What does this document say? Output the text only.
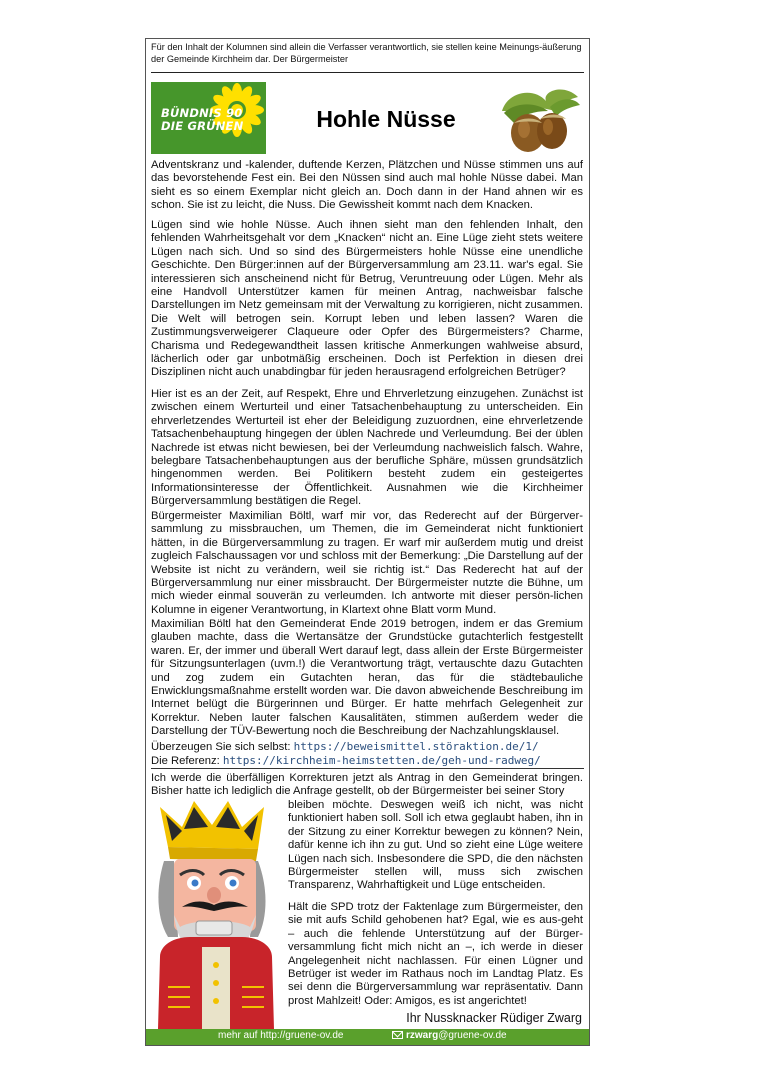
Für den Inhalt der Kolumnen sind allein die Verfasser verantwortlich, sie stellen keine Meinungs-äußerung der Gemeinde Kirchheim dar. Der Bürgermeister

BÜNDNIS 90
DIE GRÜNEN	Hohle Nüsse

Adventskranz und -kalender, duftende Kerzen, Plätzchen und Nüsse stimmen uns auf das bevorstehende Fest ein. Bei den Nüssen sind auch mal hohle Nüsse dabei. Man sieht es so einem Exemplar nicht gleich an. Doch dann in der Hand ahnen wir es schon. Sie ist zu leicht, die Nuss. Die Gewissheit kommt nach dem Knacken.

Lügen sind wie hohle Nüsse. Auch ihnen sieht man den fehlenden Inhalt, den fehlenden Wahrheitsgehalt vor dem „Knacken“ nicht an. Eine Lüge zieht stets weitere Lügen nach sich. Und so sind des Bürgermeisters hohle Nüsse eine unendliche Geschichte. Den Bürger:innen auf der Bürgerversammlung am 23.11. war's egal. Sie interessieren sich anscheinend nicht für Betrug, Veruntreuung oder Lügen. Mehr als eine Handvoll Unterstützer kamen für meinen Antrag, nachweisbar falsche Darstellungen im Netz gemeinsam mit der Verwaltung zu korrigieren, nicht zusammen. Die Welt will betrogen sein. Korrupt leben und leben lassen? Waren die Zustimmungsverweigerer Claqueure oder Opfer des Bürgermeisters? Charme, Charisma und Redegewandtheit lassen kritische Anmerkungen wahlweise absurd, lächerlich oder gar unbotmäßig erscheinen. Doch ist Perfektion in diesen drei Disziplinen nicht auch unabdingbar für jeden herausragend erfolgreichen Betrüger?

Hier ist es an der Zeit, auf Respekt, Ehre und Ehrverletzung einzugehen. Zunächst ist zwischen einem Werturteil und einer Tatsachenbehauptung zu unterscheiden. Ein ehrverletzendes Werturteil ist eher der Beleidigung zuzuordnen, eine ehrverletzende Tatsachenbehauptung hingegen der üblen Nachrede und Verleumdung. Bei der üblen Nachrede ist etwas nicht bewiesen, bei der Verleumdung nachweislich falsch. Wahre, belegbare Tatsachenbehauptungen aus der berufliche Sphäre, müssen grundsätzlich hingenommen werden. Bei Politikern besteht zudem ein gesteigertes Informationsinteresse der Öffentlichkeit. Ausnahmen wie die Kirchheimer Bürgerversammlung bestätigen die Regel.

Bürgermeister Maximilian Böltl, warf mir vor, das Rederecht auf der Bürgerver-sammlung zu missbrauchen, um Themen, die im Gemeinderat nicht funktioniert hätten, in die Bürgerversammlung zu tragen. Er warf mir außerdem mutig und dreist zugleich Falschaussagen vor und schloss mit der Bemerkung: „Die Darstellung auf der Website ist nicht zu verändern, weil sie richtig ist.“ Das Rederecht hat auf der Bürgerversammlung nur einer missbraucht. Der Bürgermeister nutzte die Bühne, um mich wieder einmal souverän zu verleumden. Ich antworte mit dieser persön-lichen Kolumne in eigener Verantwortung, in Klartext ohne Blatt vorm Mund.

Maximilian Böltl hat den Gemeinderat Ende 2019 betrogen, indem er das Gremium glauben machte, dass die Wertansätze der Grundstücke gutachterlich festgestellt waren. Er, der immer und überall Wert darauf legt, dass allein der Erste Bürgermeister für Sitzungsunterlagen (uvm.!) die Verantwortung trägt, vertauschte dazu Gutachten und zog zudem ein Gutachten heran, das für die städtebauliche Enwicklungsmaßnahme erstellt worden war. Die davon abweichende Beschreibung im Internet belügt die Bürgerinnen und Bürger. Er hatte mehrfach Gelegenheit zur Korrektur. Neben lauter falschen Kausalitäten, stimmen außerdem weder die Darstellung der TÜV-Bewertung noch die Beschreibung der Nachzahlungsklausel.

Überzeugen Sie sich selbst: https://beweismittel.störaktion.de/1/
Die Referenz: https://kirchheim-heimstetten.de/geh-und-radweg/

Ich werde die überfälligen Korrekturen jetzt als Antrag in den Gemeinderat bringen. Bisher hatte ich lediglich die Anfrage gestellt, ob der Bürgermeister bei seiner Story

bleiben möchte. Deswegen weiß ich nicht, was nicht funktioniert haben soll. Soll ich etwa geglaubt haben, ihn in der Sitzung zu einer Korrektur bewegen zu können? Nein, dafür kenne ich ihn zu gut. Und so zieht eine Lüge weitere Lügen nach sich. Insbesondere die SPD, die den nächsten Bürgermeister stellen will, muss sich zwischen Transparenz, Wahrhaftigkeit und Lüge entscheiden.

Hält die SPD trotz der Faktenlage zum Bürgermeister, den sie mit aufs Schild gehobenen hat? Egal, wie es aus-geht – auch die fehlende Unterstützung auf der Bürger-versammlung ficht mich nicht an –, ich werde in dieser Angelegenheit nicht nachlassen. Für einen Lügner und Betrüger ist weder im Rathaus noch im Landtag Platz. Es sei denn die Bürgerversammlung war repräsentativ. Dann prost Mahlzeit! Oder: Amigos, es ist angerichtet!

Ihr Nussknacker Rüdiger Zwarg

mehr auf http://gruene-ov.de	rzwarg@gruene-ov.de
